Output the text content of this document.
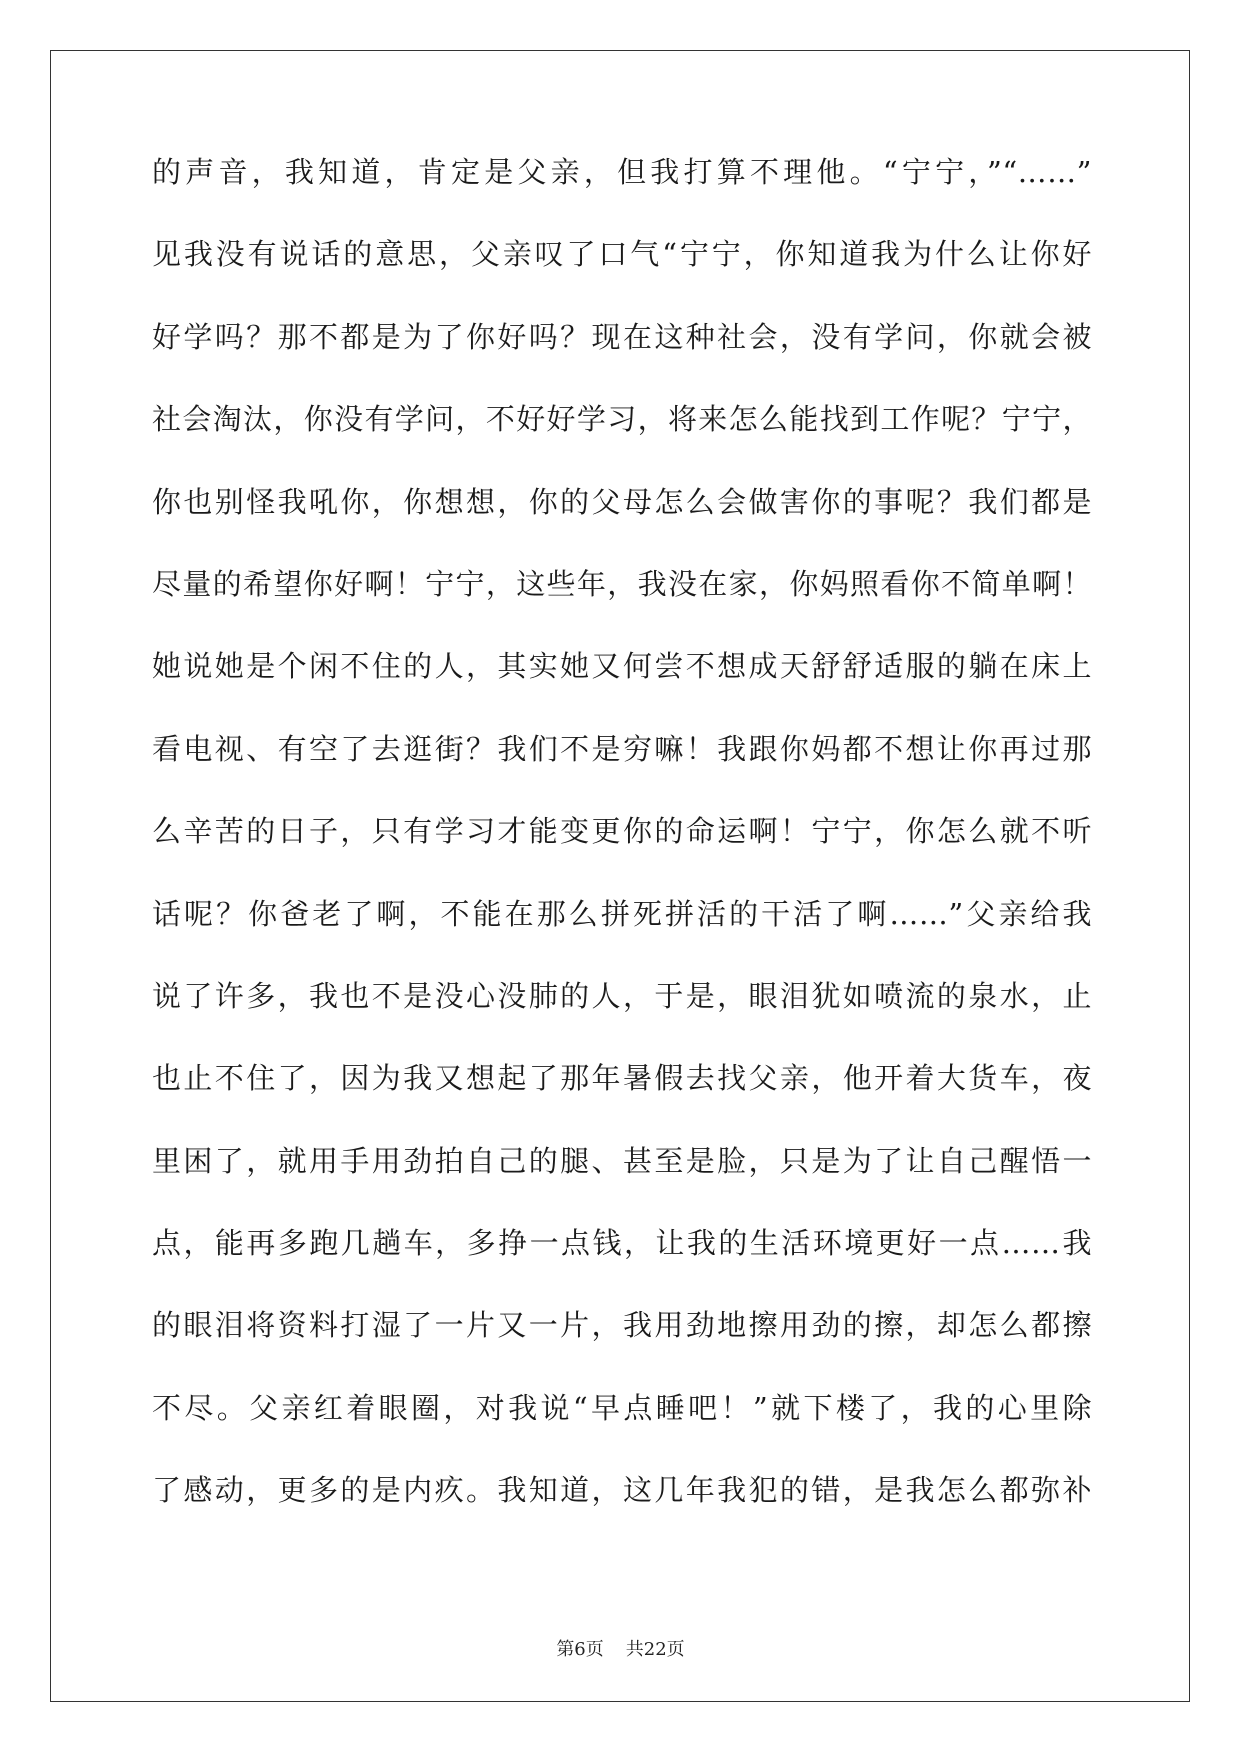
的声音，我知道，肯定是父亲，但我打算不理他。“宁宁，”“……”
见我没有说话的意思，父亲叹了口气“宁宁，你知道我为什么让你好
好学吗？那不都是为了你好吗？现在这种社会，没有学问，你就会被
社会淘汰，你没有学问，不好好学习，将来怎么能找到工作呢？宁宁，
你也别怪我吼你，你想想，你的父母怎么会做害你的事呢？我们都是
尽量的希望你好啊！宁宁，这些年，我没在家，你妈照看你不简单啊！
她说她是个闲不住的人，其实她又何尝不想成天舒舒适服的躺在床上
看电视、有空了去逛街？我们不是穷嘛！我跟你妈都不想让你再过那
么辛苦的日子，只有学习才能变更你的命运啊！宁宁，你怎么就不听
话呢？你爸老了啊，不能在那么拼死拼活的干活了啊……”父亲给我
说了许多，我也不是没心没肺的人，于是，眼泪犹如喷流的泉水，止
也止不住了，因为我又想起了那年暑假去找父亲，他开着大货车，夜
里困了，就用手用劲拍自己的腿、甚至是脸，只是为了让自己醒悟一
点，能再多跑几趟车，多挣一点钱，让我的生活环境更好一点……我
的眼泪将资料打湿了一片又一片，我用劲地擦用劲的擦，却怎么都擦
不尽。父亲红着眼圈，对我说“早点睡吧！”就下楼了，我的心里除
了感动，更多的是内疚。我知道，这几年我犯的错，是我怎么都弥补
第6页 共22页
